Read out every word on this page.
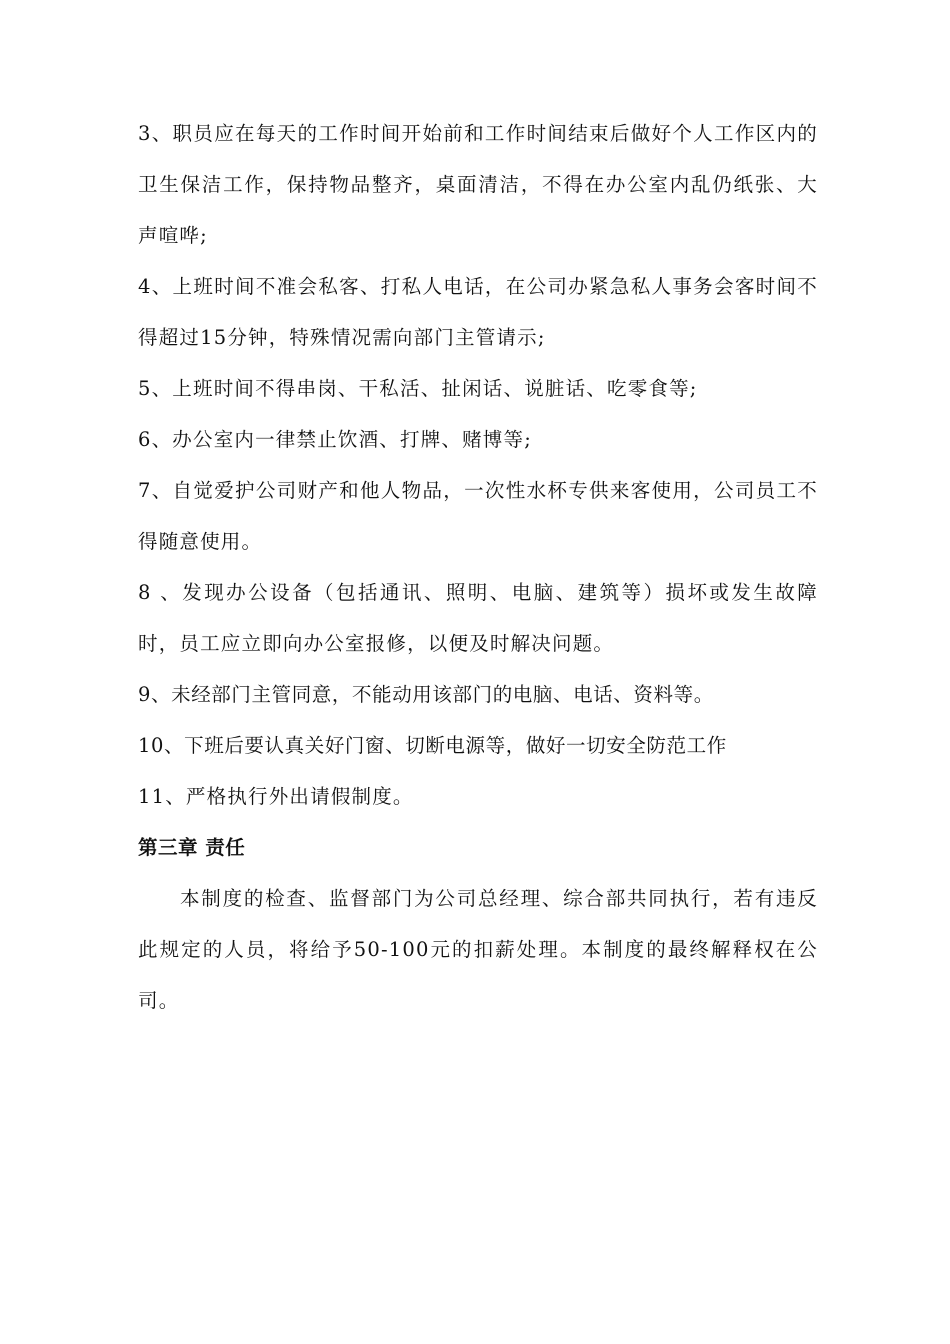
3、职员应在每天的工作时间开始前和工作时间结束后做好个人工作区内的卫生保洁工作，保持物品整齐，桌面清洁，不得在办公室内乱仍纸张、大声喧哗;

4、上班时间不准会私客、打私人电话，在公司办紧急私人事务会客时间不得超过15分钟，特殊情况需向部门主管请示;

5、上班时间不得串岗、干私活、扯闲话、说脏话、吃零食等;

6、办公室内一律禁止饮酒、打牌、赌博等;

7、自觉爱护公司财产和他人物品，一次性水杯专供来客使用，公司员工不得随意使用。

8 、发现办公设备（包括通讯、照明、电脑、建筑等）损坏或发生故障时，员工应立即向办公室报修，以便及时解决问题。

9、未经部门主管同意，不能动用该部门的电脑、电话、资料等。

10、下班后要认真关好门窗、切断电源等，做好一切安全防范工作

11、严格执行外出请假制度。

第三章 责任

本制度的检查、监督部门为公司总经理、综合部共同执行，若有违反此规定的人员，将给予50-100元的扣薪处理。本制度的最终解释权在公司。
